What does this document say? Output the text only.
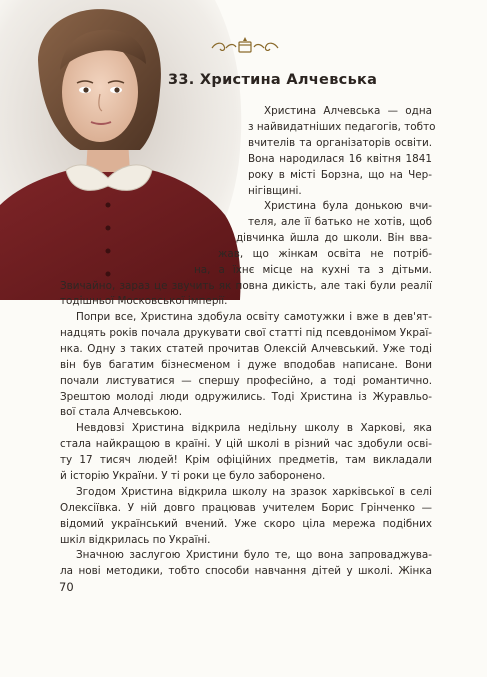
33. Христина Алчевська
Христина Алчевська — одна
з найвидатніших педагогів, тобто
вчителів та організаторів освіти.
Вона народилася 16 квітня 1841
року в місті Борзна, що на Чер-
нігівщині.
Христина була донькою вчи-
теля, але її батько не хотів, щоб
дівчинка йшла до школи. Він вва-
жав, що жінкам освіта не потріб-
на, а їхнє місце на кухні та з дітьми.
Звичайно, зараз це звучить як повна дикість, але такі були реалії
тодішньої Московської імперії.
Попри все, Христина здобула освіту самотужки і вже в дев'ят-
надцять років почала друкувати свої статті під псевдонімом Украї-
нка. Одну з таких статей прочитав Олексій Алчевський. Уже тоді
він був багатим бізнесменом і дуже вподобав написане. Вони
почали листуватися — спершу професійно, а тоді романтично.
Зрештою молоді люди одружились. Тоді Христина із Журавльо-
вої стала Алчевською.
Невдовзі Христина відкрила недільну школу в Харкові, яка
стала найкращою в країні. У цій школі в різний час здобули осві-
ту 17 тисяч людей! Крім офіційних предметів, там викладали
й історію України. У ті роки це було заборонено.
Згодом Христина відкрила школу на зразок харківської в селі
Олексіївка. У ній довго працював учителем Борис Грінченко —
відомий український вчений. Уже скоро ціла мережа подібних
шкіл відкрилась по Україні.
Значною заслугою Христини було те, що вона запроваджува-
ла нові методики, тобто способи навчання дітей у школі. Жінка
70
